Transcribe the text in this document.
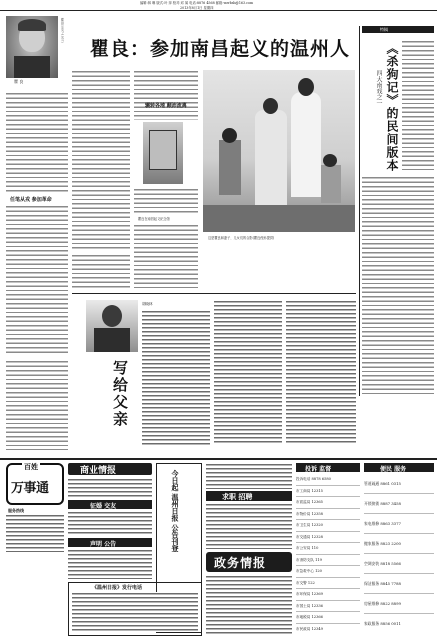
编辑:林 琳 版式:叶 萍 校对:邓 闻 电话:8876 4568 邮箱:wzrbsb@163.com
2013年8月1日 星期四
瞿 良
瞿良(1897-1957)
瞿良：参加南昌起义的温州人
任笔从戎 参加革命
辗转各地 颠沛流离
瞿良在南昌起义纪念馆
这是瞿良和妻子、儿女们的合影(瞿良侄孙提供)
特稿
《杀狗记》的民间版本
四大南戏之一
胡晓林
写给父亲
百姓
万事通
服务热线
商业情报
征婚 交友
声明 公告	今日起 温州日报 公告刊登	求职 招聘
《温州日报》发行电话
政务情报
投诉 监督
投诉电话 8878 6580
市工商局 12315
市质监局 12365
市物价局 12358
市卫生局 12320
市交通局 12328
市公安局 110
市消防支队 119
市急救中心 120
市交警 122
市环保局 12369
市国土局 12336
市地税局 12366
市民政局 12349
便民 服务
管道疏通 8861 0315
开锁换锁 8887 3458
家电维修 8863 3377
搬家服务 8823 2200
空调安装 8818 5566
保洁服务 8845 7788
房屋维修 8822 8899
家政服务 8856 0011
